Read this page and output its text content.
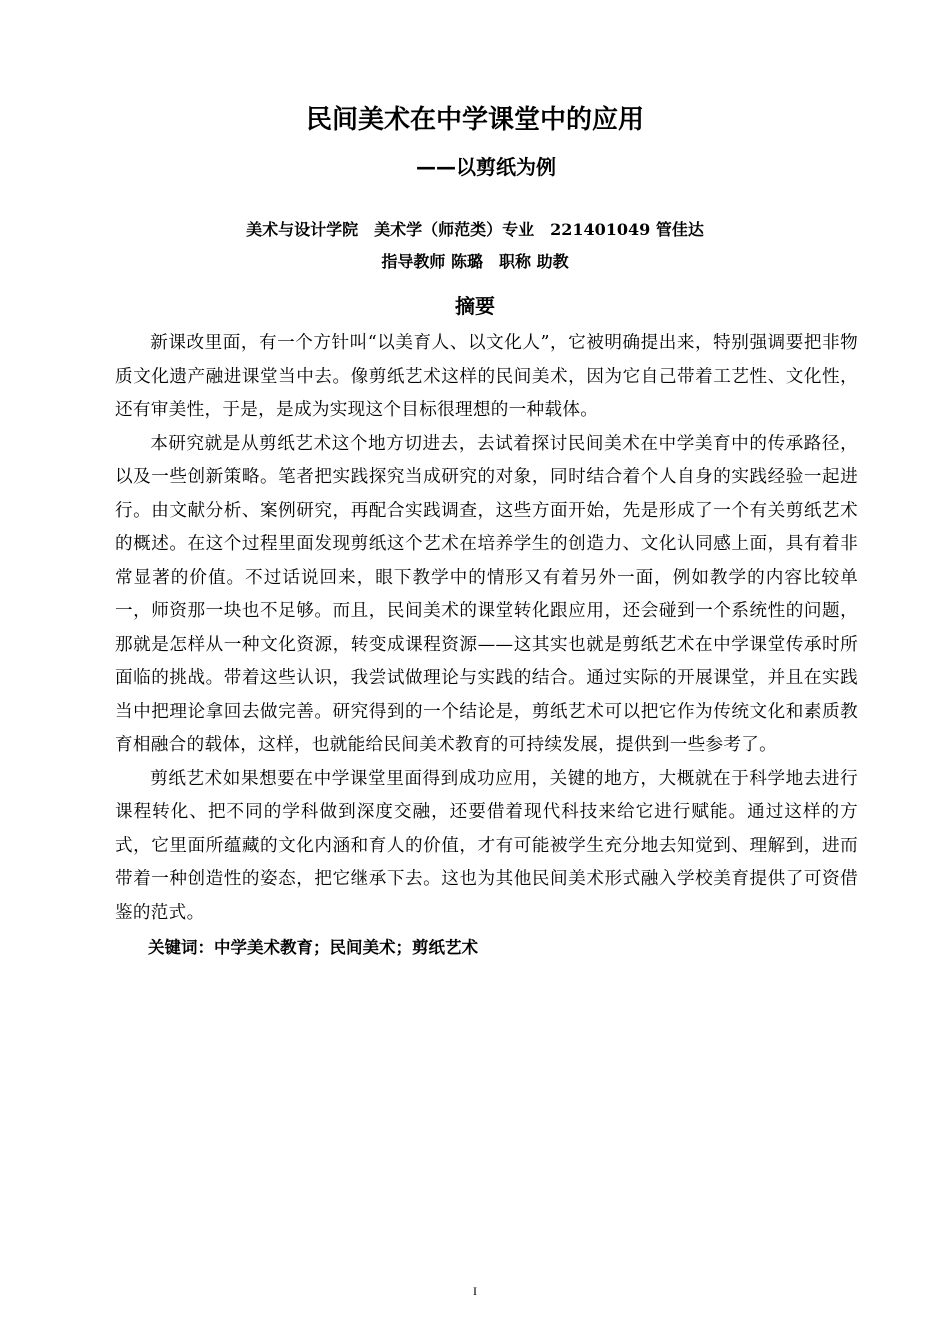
民间美术在中学课堂中的应用
——以剪纸为例

美术与设计学院　美术学（师范类）专业　221401049 管佳达

指导教师 陈璐　职称 助教

摘要

新课改里面，有一个方针叫“以美育人、以文化人”，它被明确提出来，特别强调要把非物质文化遗产融进课堂当中去。像剪纸艺术这样的民间美术，因为它自己带着工艺性、文化性，还有审美性，于是，是成为实现这个目标很理想的一种载体。

本研究就是从剪纸艺术这个地方切进去，去试着探讨民间美术在中学美育中的传承路径，以及一些创新策略。笔者把实践探究当成研究的对象，同时结合着个人自身的实践经验一起进行。由文献分析、案例研究，再配合实践调查，这些方面开始，先是形成了一个有关剪纸艺术的概述。在这个过程里面发现剪纸这个艺术在培养学生的创造力、文化认同感上面，具有着非常显著的价值。不过话说回来，眼下教学中的情形又有着另外一面，例如教学的内容比较单一，师资那一块也不足够。而且，民间美术的课堂转化跟应用，还会碰到一个系统性的问题，那就是怎样从一种文化资源，转变成课程资源——这其实也就是剪纸艺术在中学课堂传承时所面临的挑战。带着这些认识，我尝试做理论与实践的结合。通过实际的开展课堂，并且在实践当中把理论拿回去做完善。研究得到的一个结论是，剪纸艺术可以把它作为传统文化和素质教育相融合的载体，这样，也就能给民间美术教育的可持续发展，提供到一些参考了。

剪纸艺术如果想要在中学课堂里面得到成功应用，关键的地方，大概就在于科学地去进行课程转化、把不同的学科做到深度交融，还要借着现代科技来给它进行赋能。通过这样的方式，它里面所蕴藏的文化内涵和育人的价值，才有可能被学生充分地去知觉到、理解到，进而带着一种创造性的姿态，把它继承下去。这也为其他民间美术形式融入学校美育提供了可资借鉴的范式。

关键词：中学美术教育；民间美术；剪纸艺术

I
